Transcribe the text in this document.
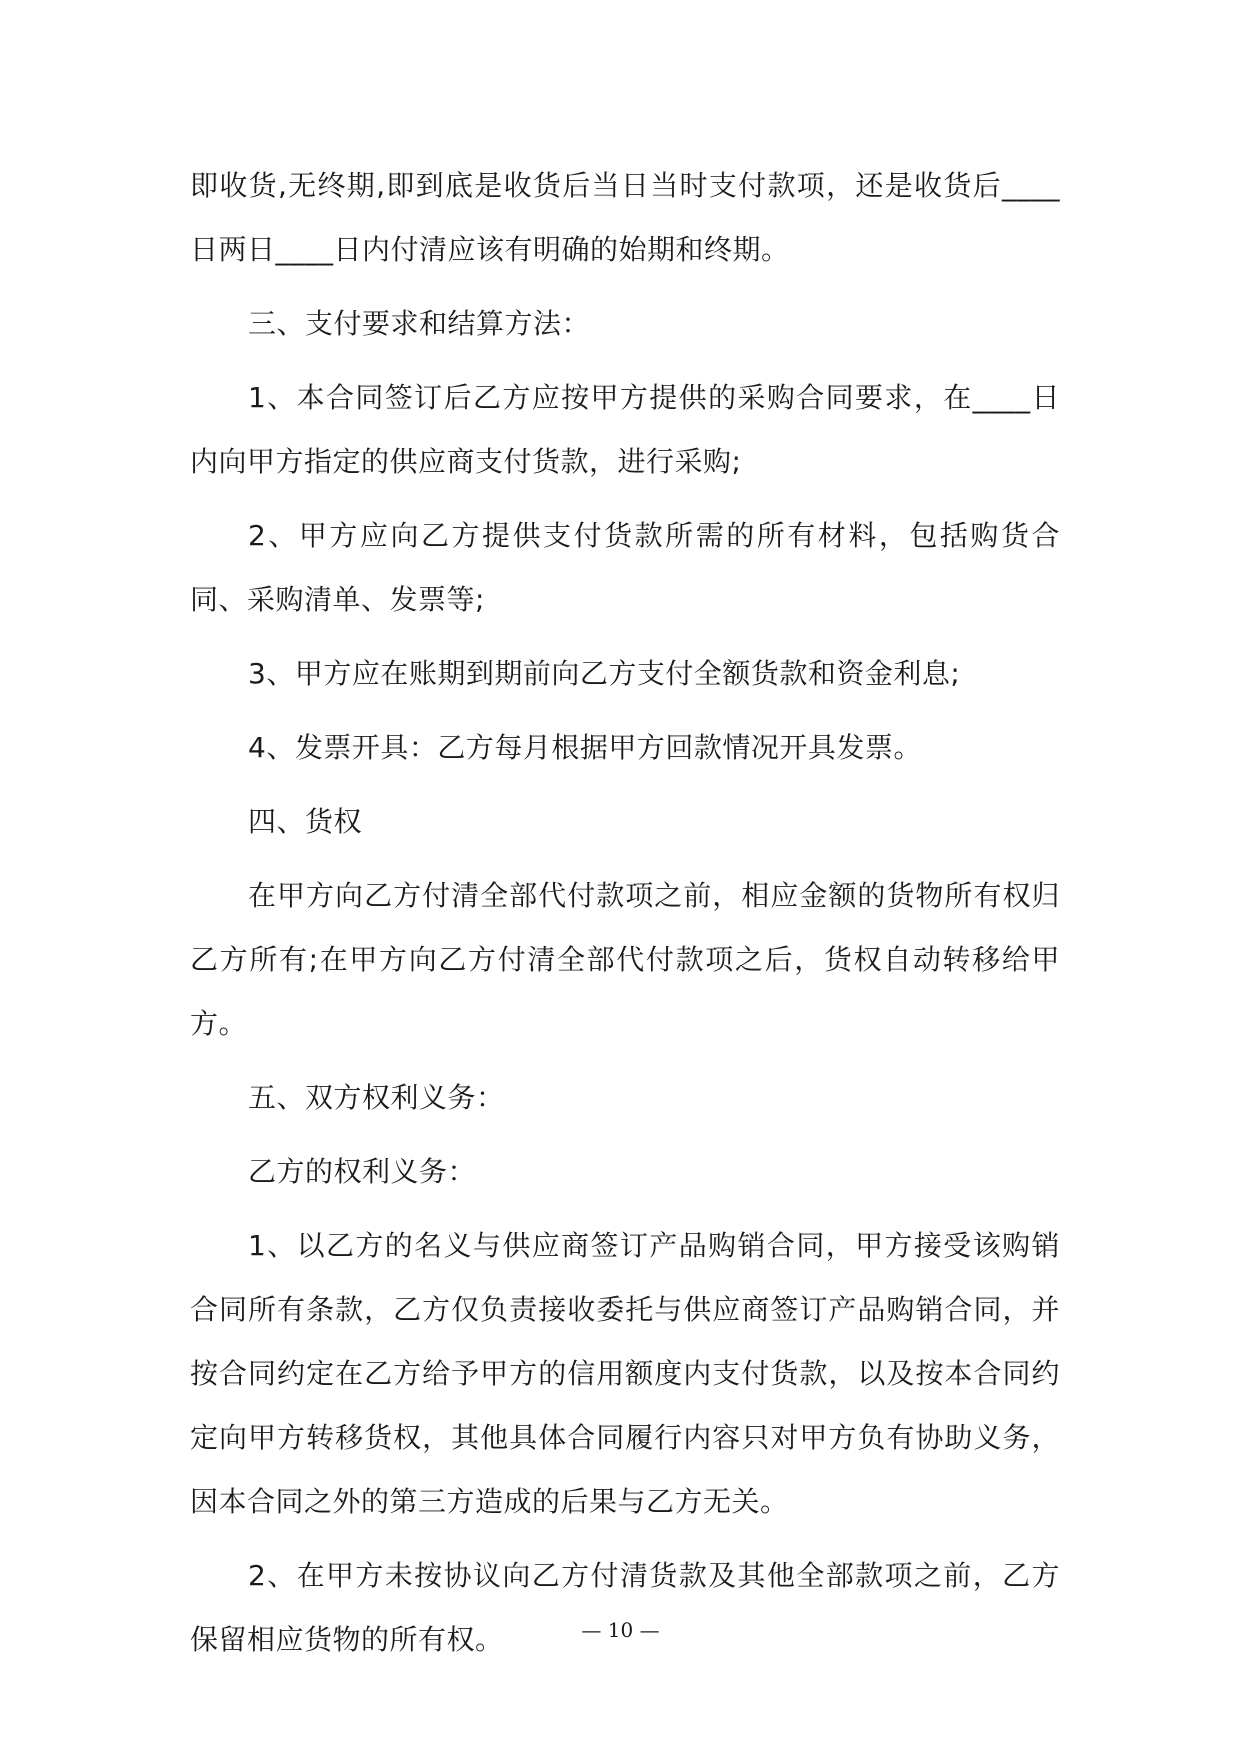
即收货,无终期,即到底是收货后当日当时支付款项，还是收货后____日两日____日内付清应该有明确的始期和终期。

三、支付要求和结算方法：

1、本合同签订后乙方应按甲方提供的采购合同要求，在____日内向甲方指定的供应商支付货款，进行采购;

2、甲方应向乙方提供支付货款所需的所有材料，包括购货合同、采购清单、发票等;

3、甲方应在账期到期前向乙方支付全额货款和资金利息;

4、发票开具：乙方每月根据甲方回款情况开具发票。

四、货权

在甲方向乙方付清全部代付款项之前，相应金额的货物所有权归乙方所有;在甲方向乙方付清全部代付款项之后，货权自动转移给甲方。

五、双方权利义务：

乙方的权利义务：

1、以乙方的名义与供应商签订产品购销合同，甲方接受该购销合同所有条款，乙方仅负责接收委托与供应商签订产品购销合同，并按合同约定在乙方给予甲方的信用额度内支付货款，以及按本合同约定向甲方转移货权，其他具体合同履行内容只对甲方负有协助义务，因本合同之外的第三方造成的后果与乙方无关。

2、在甲方未按协议向乙方付清货款及其他全部款项之前，乙方保留相应货物的所有权。	— 10 —
